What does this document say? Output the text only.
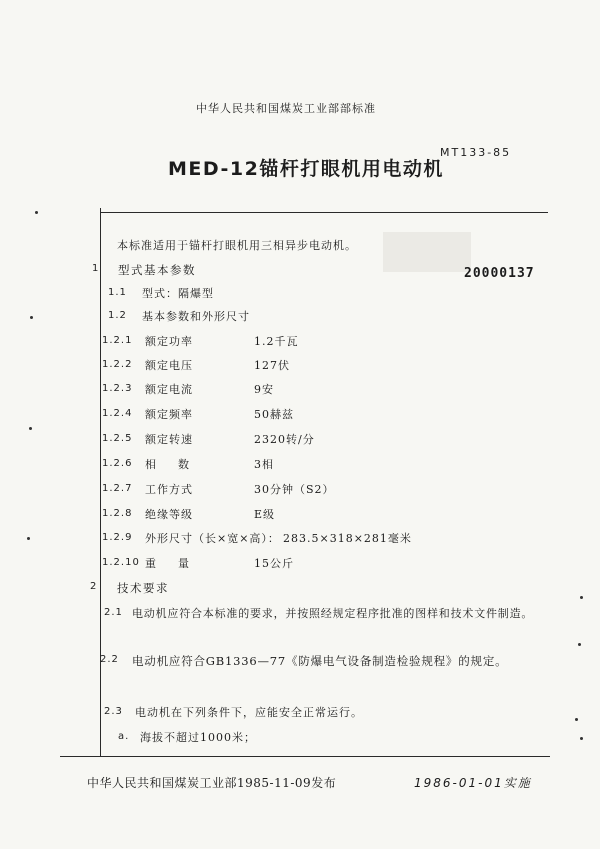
中华人民共和国煤炭工业部部标准
MT133-85
MED-12锚杆打眼机用电动机
20000137
本标准适用于锚杆打眼机用三相异步电动机。
1 型式基本参数
1.1 型式：隔爆型
1.2 基本参数和外形尺寸
1.2.1 额定功率	1.2千瓦
1.2.2 额定电压	127伏
1.2.3 额定电流	9安
1.2.4 额定频率	50赫兹
1.2.5 额定转速	2320转/分
1.2.6 相数	3相
1.2.7 工作方式	30分钟（S2）
1.2.8 绝缘等级	E级
1.2.9 外形尺寸（长×宽×高）： 283.5×318×281毫米
1.2.10 重量	15公斤
2 技术要求
2.1 电动机应符合本标准的要求，并按照经规定程序批准的图样和技术文件制造。
2.2 电动机应符合GB1336—77《防爆电气设备制造检验规程》的规定。
2.3 电动机在下列条件下，应能安全正常运行。
a. 海拔不超过1000米；
中华人民共和国煤炭工业部1985-11-09发布	1986-01-01实施
